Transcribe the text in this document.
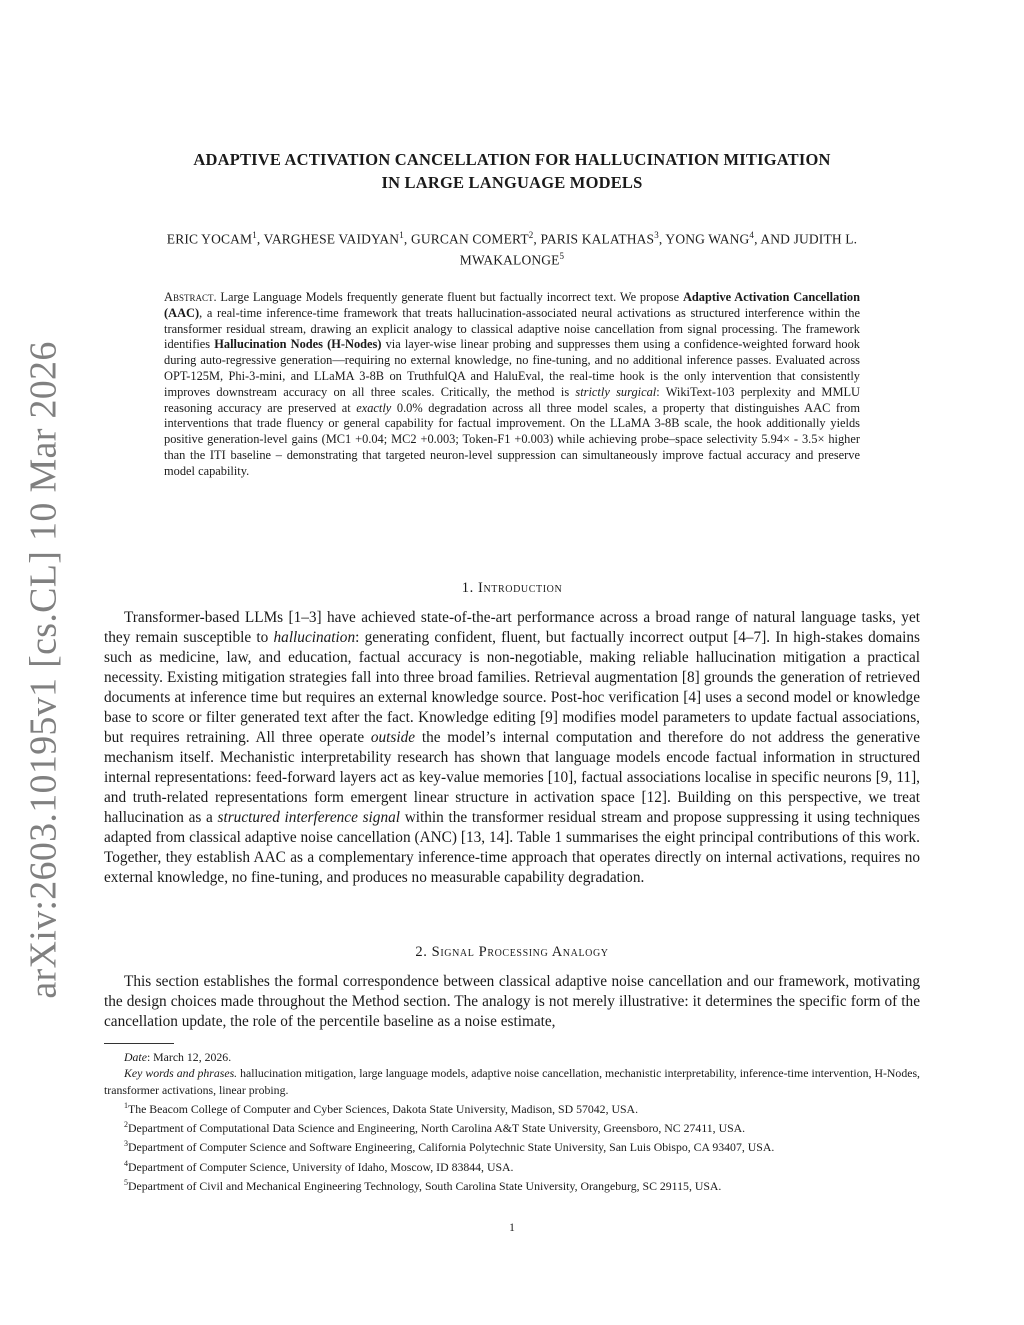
arXiv:2603.10195v1 [cs.CL] 10 Mar 2026
ADAPTIVE ACTIVATION CANCELLATION FOR HALLUCINATION MITIGATION
IN LARGE LANGUAGE MODELS
ERIC YOCAM$^1$, VARGHESE VAIDYAN$^1$, GURCAN COMERT$^2$, PARIS KALATHAS$^3$, YONG WANG$^4$, AND JUDITH L.
MWAKALONGE$^5$
Abstract. Large Language Models frequently generate fluent but factually incorrect text. We propose Adaptive Activation Cancellation (AAC), a real-time inference-time framework that treats hallucination-associated neural activations as structured interference within the transformer residual stream, drawing an explicit analogy to classical adaptive noise cancellation from signal processing. The framework identifies Hallucination Nodes (H-Nodes) via layer-wise linear probing and suppresses them using a confidence-weighted forward hook during auto-regressive generation—requiring no external knowledge, no fine-tuning, and no additional inference passes. Evaluated across OPT-125M, Phi-3-mini, and LLaMA 3-8B on TruthfulQA and HaluEval, the real-time hook is the only intervention that consistently improves downstream accuracy on all three scales. Critically, the method is strictly surgical: WikiText-103 perplexity and MMLU reasoning accuracy are preserved at exactly 0.0% degradation across all three model scales, a property that distinguishes AAC from interventions that trade fluency or general capability for factual improvement. On the LLaMA 3-8B scale, the hook additionally yields positive generation-level gains (MC1 +0.04; MC2 +0.003; Token-F1 +0.003) while achieving probe–space selectivity 5.94× - 3.5× higher than the ITI baseline – demonstrating that targeted neuron-level suppression can simultaneously improve factual accuracy and preserve model capability.
1. Introduction

Transformer-based LLMs [1–3] have achieved state-of-the-art performance across a broad range of natural language tasks, yet they remain susceptible to hallucination: generating confident, fluent, but factually incorrect output [4–7]. In high-stakes domains such as medicine, law, and education, factual accuracy is non-negotiable, making reliable hallucination mitigation a practical necessity. Existing mitigation strategies fall into three broad families. Retrieval augmentation [8] grounds the generation of retrieved documents at inference time but requires an external knowledge source. Post-hoc verification [4] uses a second model or knowledge base to score or filter generated text after the fact. Knowledge editing [9] modifies model parameters to update factual associations, but requires retraining. All three operate outside the model’s internal computation and therefore do not address the generative mechanism itself. Mechanistic interpretability research has shown that language models encode factual information in structured internal representations: feed-forward layers act as key-value memories [10], factual associations localise in specific neurons [9, 11], and truth-related representations form emergent linear structure in activation space [12]. Building on this perspective, we treat hallucination as a structured interference signal within the transformer residual stream and propose suppressing it using techniques adapted from classical adaptive noise cancellation (ANC) [13, 14]. Table 1 summarises the eight principal contributions of this work. Together, they establish AAC as a complementary inference-time approach that operates directly on internal activations, requires no external knowledge, no fine-tuning, and produces no measurable capability degradation.

2. Signal Processing Analogy

This section establishes the formal correspondence between classical adaptive noise cancellation and our framework, motivating the design choices made throughout the Method section. The analogy is not merely illustrative: it determines the specific form of the cancellation update, the role of the percentile baseline as a noise estimate,

Date: March 12, 2026.

Key words and phrases. hallucination mitigation, large language models, adaptive noise cancellation, mechanistic interpretability, inference-time intervention, H-Nodes, transformer activations, linear probing.

$^1$The Beacom College of Computer and Cyber Sciences, Dakota State University, Madison, SD 57042, USA.

$^2$Department of Computational Data Science and Engineering, North Carolina A&T State University, Greensboro, NC 27411, USA.

$^3$Department of Computer Science and Software Engineering, California Polytechnic State University, San Luis Obispo, CA 93407, USA.

$^4$Department of Computer Science, University of Idaho, Moscow, ID 83844, USA.

$^5$Department of Civil and Mechanical Engineering Technology, South Carolina State University, Orangeburg, SC 29115, USA.

1
